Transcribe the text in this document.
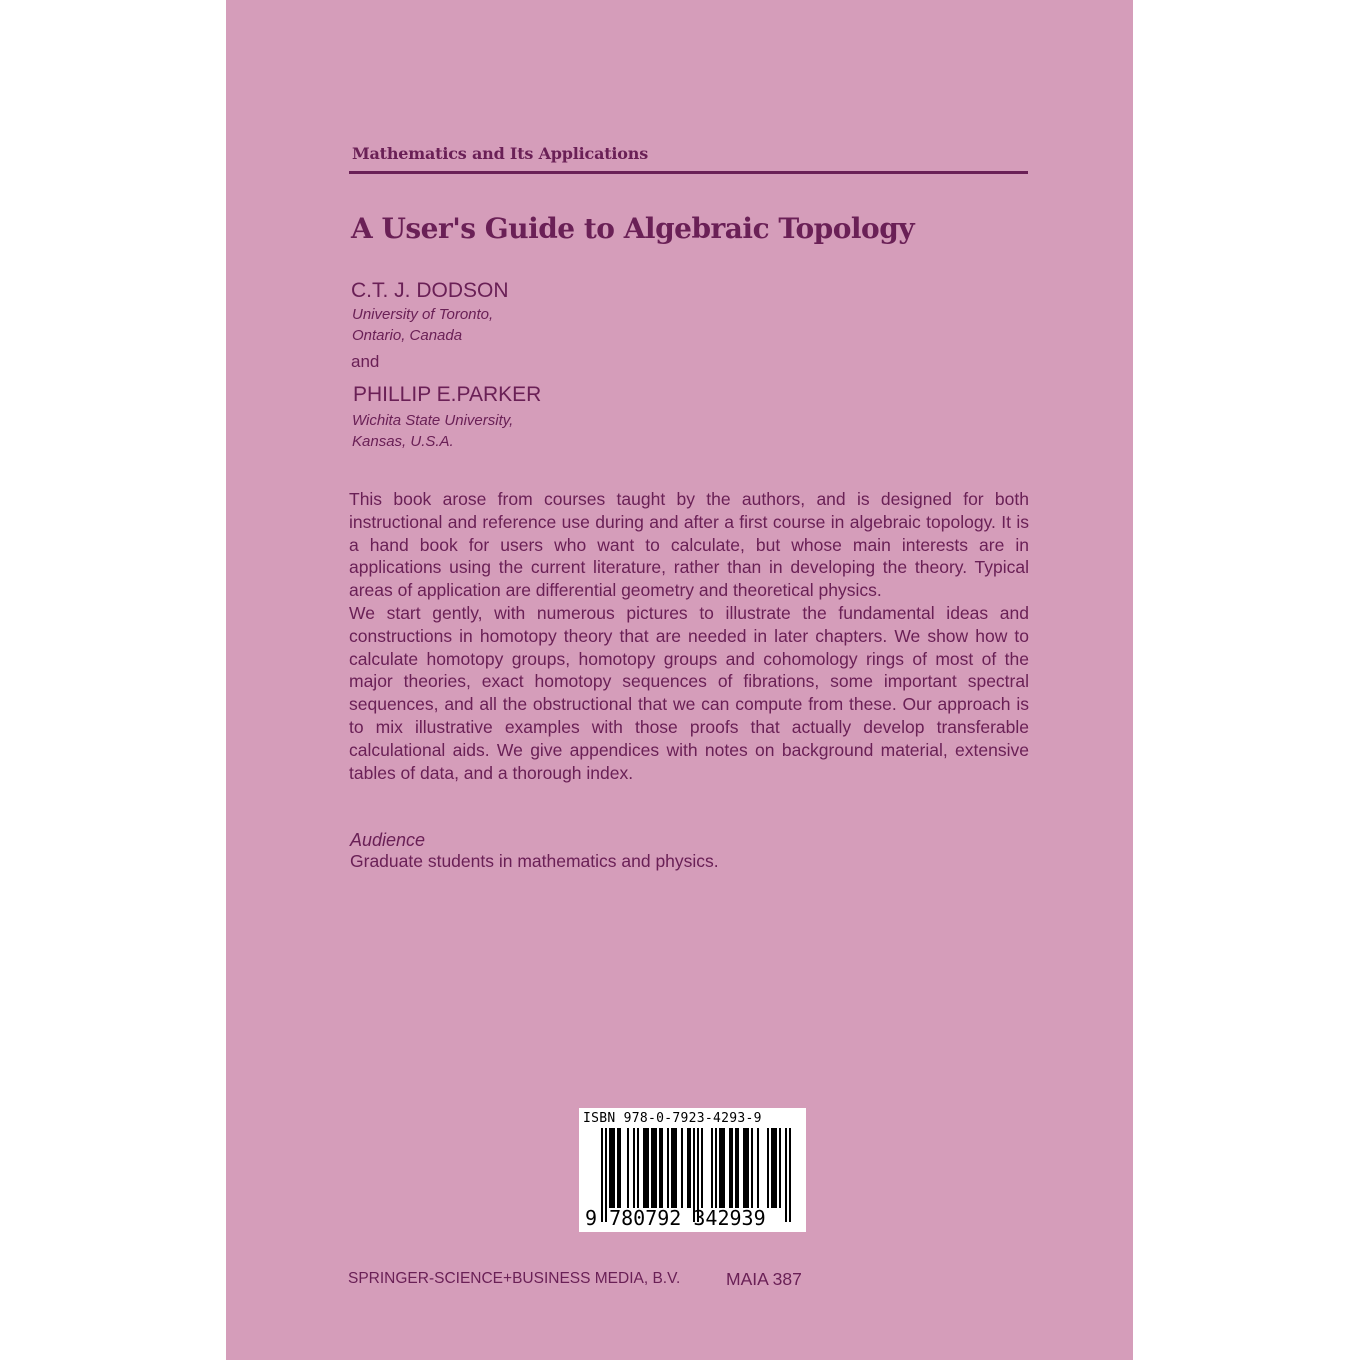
Mathematics and Its Applications
A User's Guide to Algebraic Topology
C.T. J. DODSON
University of Toronto,
Ontario, Canada
and
PHILLIP E.PARKER
Wichita State University,
Kansas, U.S.A.

This book arose from courses taught by the authors, and is designed for both instructional and reference use during and after a first course in algebraic topology. It is a hand book for users who want to calculate, but whose main interests are in applications using the current literature, rather than in developing the theory. Typical areas of application are differential geometry and theoretical physics.

We start gently, with numerous pictures to illustrate the fundamental ideas and constructions in homotopy theory that are needed in later chapters. We show how to calculate homotopy groups, homotopy groups and cohomology rings of most of the major theories, exact homotopy sequences of fibrations, some important spectral sequences, and all the obstructional that we can compute from these. Our approach is to mix illustrative examples with those proofs that actually develop transferable calculational aids. We give appendices with notes on background material, extensive tables of data, and a thorough index.

Audience
Graduate students in mathematics and physics.
ISBN 978-0-7923-4293-9
9 780792 342939
SPRINGER-SCIENCE+BUSINESS MEDIA, B.V.	MAIA 387
